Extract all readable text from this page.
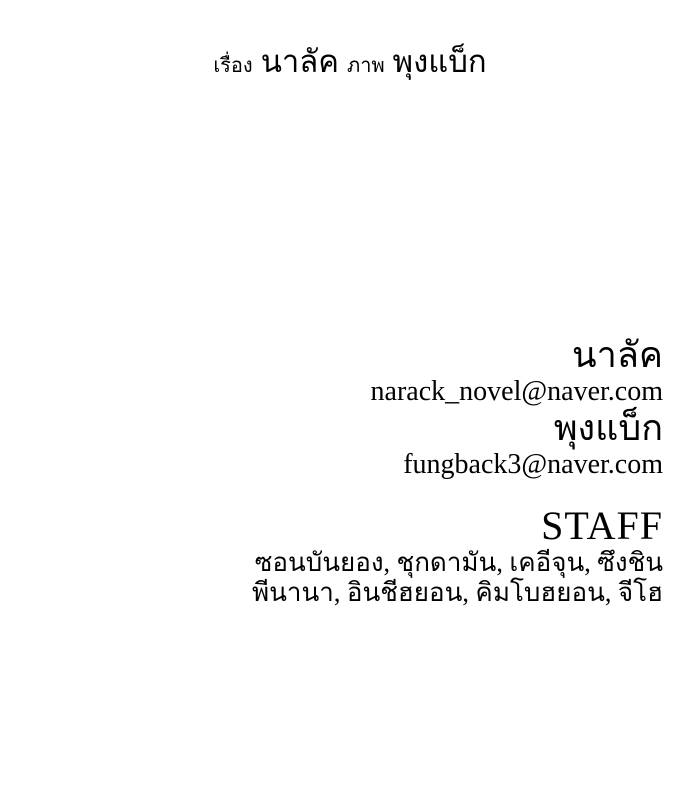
เรื่อง นาลัค ภาพ พุงแบ็ก
นาลัค
narack_novel@naver.com
พุงแบ็ก
fungback3@naver.com
STAFF
ซอนบันยอง, ชุกดามัน, เคอีจุน, ซึงชิน
พีนานา, อินชีฮยอน, คิมโบฮยอน, จีโฮ
